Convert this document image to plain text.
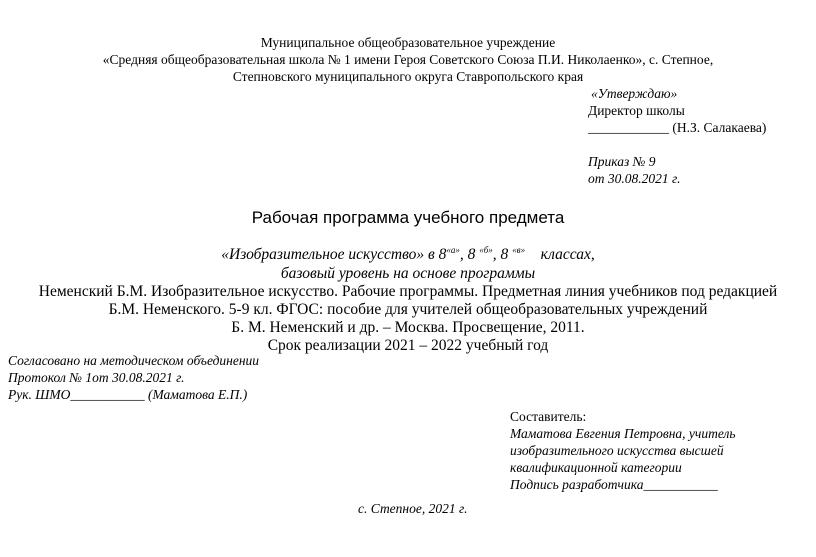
Муниципальное общеобразовательное учреждение
«Средняя общеобразовательная школа № 1 имени Героя Советского Союза П.И. Николаенко», с. Степное,
Степновского муниципального округа Ставропольского края
«Утверждаю»
Директор школы
____________ (Н.З. Салакаева)
Приказ № 9
от 30.08.2021 г.
Рабочая программа учебного предмета
«Изобразительное искусство» в $8^{«а»}$, 8 $^{«б»}$, 8 $^{«в»}$ классах,
базовый уровень на основе программы
Неменский Б.М. Изобразительное искусство. Рабочие программы. Предметная линия учебников под редакцией
Б.М. Неменского. 5-9 кл. ФГОС: пособие для учителей общеобразовательных учреждений
Б. М. Неменский и др. – Москва. Просвещение, 2011.
Срок реализации 2021 – 2022 учебный год
Согласовано на методическом объединении
Протокол № 1от 30.08.2021 г.
Рук. ШМО___________ (Маматова Е.П.)
Составитель:
Маматова Евгения Петровна, учитель
изобразительного искусства высшей
квалификационной категории
Подпись разработчика___________
с. Степное, 2021 г.
